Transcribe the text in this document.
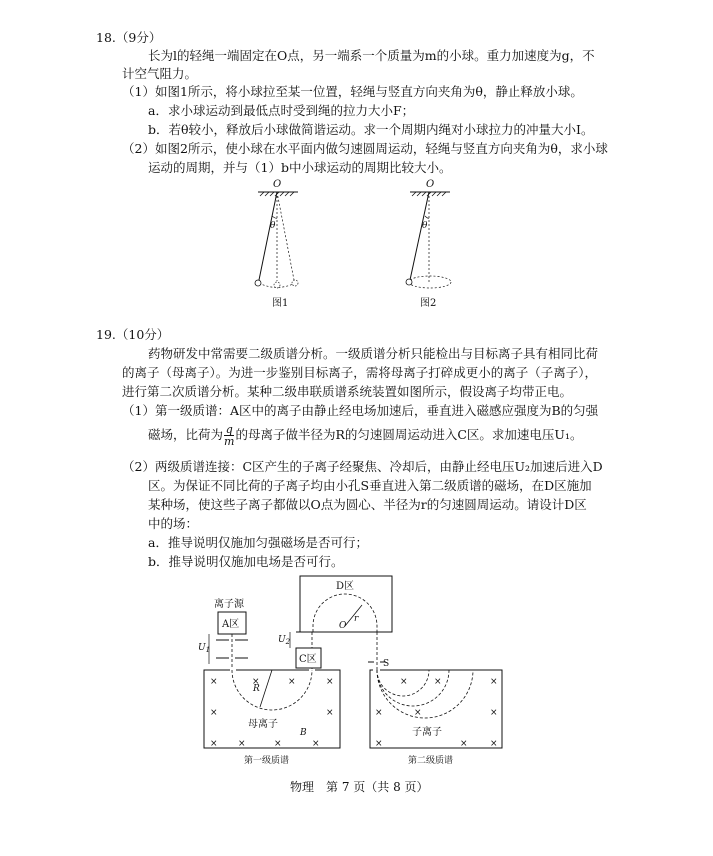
18.（9分）
长为l的轻绳一端固定在O点，另一端系一个质量为m的小球。重力加速度为g，不
计空气阻力。
（1）如图1所示，将小球拉至某一位置，轻绳与竖直方向夹角为θ，静止释放小球。
a．求小球运动到最低点时受到绳的拉力大小F；
b．若θ较小，释放后小球做简谐运动。求一个周期内绳对小球拉力的冲量大小I。
（2）如图2所示，使小球在水平面内做匀速圆周运动，轻绳与竖直方向夹角为θ，求小球
运动的周期，并与（1）b中小球运动的周期比较大小。
O
θ
图1
O
θ
图2
19.（10分）
药物研发中常需要二级质谱分析。一级质谱分析只能检出与目标离子具有相同比荷
的离子（母离子）。为进一步鉴别目标离子，需将母离子打碎成更小的离子（子离子），
进行第二次质谱分析。某种二级串联质谱系统装置如图所示，假设离子均带正电。
（1）第一级质谱：A区中的离子由静止经电场加速后，垂直进入磁感应强度为B的匀强
磁场，比荷为 $\frac{q}{m}$ 的母离子做半径为R的匀速圆周运动进入C区。求加速电压U₁。
（2）两级质谱连接：C区产生的子离子经聚焦、冷却后，由静止经电压U₂加速后进入D
区。为保证不同比荷的子离子均由小孔S垂直进入第二级质谱的磁场，在D区施加
某种场，使这些子离子都做以O点为圆心、半径为r的匀速圆周运动。请设计D区
中的场：
a．推导说明仅施加匀强磁场是否可行；
b．推导说明仅施加电场是否可行。
D区
O
r
离子源
A区
$U_1$
C区
$U_2$
R
母离子
B
×	×	×	×
×	×
× ×	×	×
第一级质谱
S
子离子
×	×	×
×	×	×
×	× ×
第二级质谱
物理　第 7 页（共 8 页）
